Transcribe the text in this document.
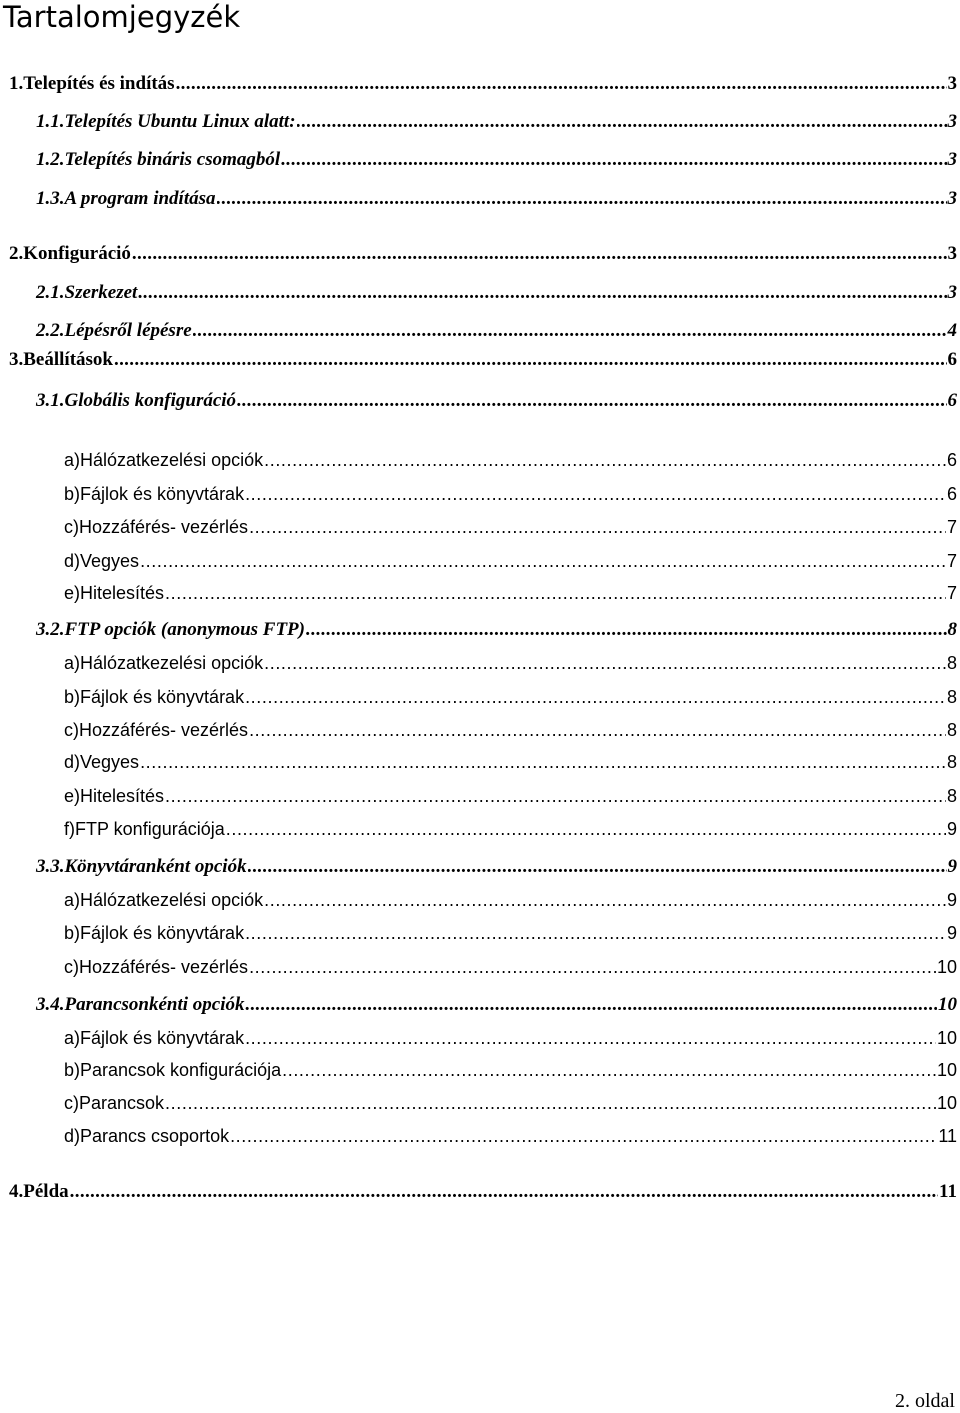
Tartalomjegyzék
1.Telepítés és indítás . . .	3
1.1.Telepítés Ubuntu Linux alatt: . . .	3
1.2.Telepítés bináris csomagból . . .	3
1.3.A program indítása . . .	3
2.Konfiguráció . . .	3
2.1.Szerkezet . . .	3
2.2.Lépésről lépésre . . .	4
3.Beállítások . . .	6
3.1.Globális konfiguráció . . .	6
a)Hálózatkezelési opciók . . .	6
b)Fájlok és könyvtárak . . .	6
c)Hozzáférés- vezérlés . . .	7
d)Vegyes . . .	7
e)Hitelesítés . . .	7
3.2.FTP opciók (anonymous FTP) . . .	8
a)Hálózatkezelési opciók . . .	8
b)Fájlok és könyvtárak . . .	8
c)Hozzáférés- vezérlés . . .	8
d)Vegyes . . .	8
e)Hitelesítés . . .	8
f)FTP konfigurációja . . .	9
3.3.Könyvtáranként opciók . . .	9
a)Hálózatkezelési opciók . . .	9
b)Fájlok és könyvtárak . . .	9
c)Hozzáférés- vezérlés . . .	10
3.4.Parancsonkénti opciók . . .	10
a)Fájlok és könyvtárak . . .	10
b)Parancsok konfigurációja . . .	10
c)Parancsok . . .	10
d)Parancs csoportok . . .	11
4.Példa . . .	11
2. oldal
